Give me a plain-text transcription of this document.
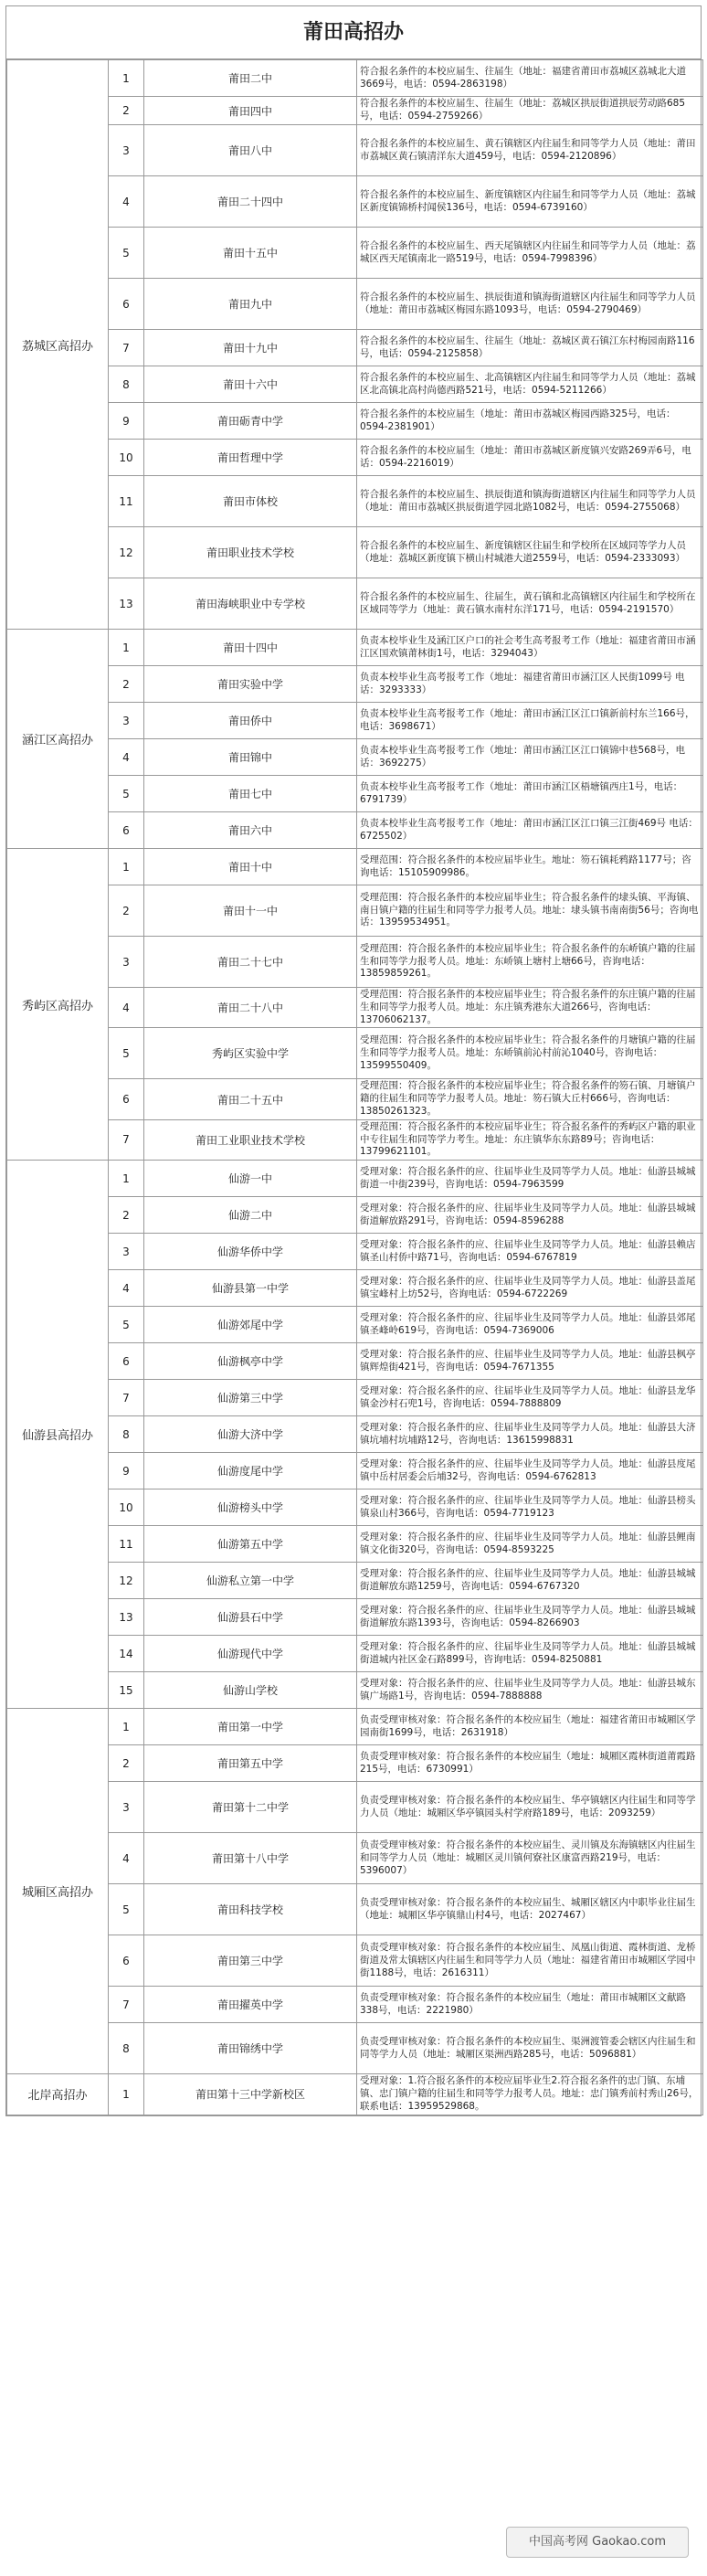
莆田高招办
荔城区高招办	1	莆田二中	符合报名条件的本校应届生、往届生（地址：福建省莆田市荔城区荔城北大道3669号，电话：0594-2863198）
	2	莆田四中	符合报名条件的本校应届生、往届生（地址：荔城区拱辰街道拱辰劳动路685号，电话：0594-2759266）
	3	莆田八中	符合报名条件的本校应届生、黄石镇辖区内往届生和同等学力人员（地址：莆田市荔城区黄石镇清洋东大道459号，电话：0594-2120896）
	4	莆田二十四中	符合报名条件的本校应届生、新度镇辖区内往届生和同等学力人员（地址：荔城区新度镇锦桥村闻侯136号，电话：0594-6739160）
	5	莆田十五中	符合报名条件的本校应届生、西天尾镇辖区内往届生和同等学力人员（地址：荔城区西天尾镇南北一路519号，电话：0594-7998396）
	6	莆田九中	符合报名条件的本校应届生、拱辰街道和镇海街道辖区内往届生和同等学力人员（地址：莆田市荔城区梅园东路1093号，电话：0594-2790469）
	7	莆田十九中	符合报名条件的本校应届生、往届生（地址：荔城区黄石镇江东村梅园南路116号，电话：0594-2125858）
	8	莆田十六中	符合报名条件的本校应届生、北高镇辖区内往届生和同等学力人员（地址：荔城区北高镇北高村尚德西路521号，电话：0594-5211266）
	9	莆田砺青中学	符合报名条件的本校应届生（地址：莆田市荔城区梅园西路325号，电话：0594-2381901）
	10	莆田哲理中学	符合报名条件的本校应届生（地址：莆田市荔城区新度镇兴安路269弄6号，电话：0594-2216019）
	11	莆田市体校	符合报名条件的本校应届生、拱辰街道和镇海街道辖区内往届生和同等学力人员（地址：莆田市荔城区拱辰街道学园北路1082号，电话：0594-2755068）
	12	莆田职业技术学校	符合报名条件的本校应届生、新度镇辖区往届生和学校所在区域同等学力人员（地址：荔城区新度镇下横山村城港大道2559号，电话：0594-2333093）
	13	莆田海峡职业中专学校	符合报名条件的本校应届生、往届生，黄石镇和北高镇辖区内往届生和学校所在区域同等学力（地址：黄石镇水南村东洋171号，电话：0594-2191570）
涵江区高招办	1	莆田十四中	负责本校毕业生及涵江区户口的社会考生高考报考工作（地址：福建省莆田市涵江区国欢镇莆林街1号，电话：3294043）
	2	莆田实验中学	负责本校毕业生高考报考工作（地址：福建省莆田市涵江区人民街1099号 电话：3293333）
	3	莆田侨中	负责本校毕业生高考报考工作（地址：莆田市涵江区江口镇新前村东兰166号，电话：3698671）
	4	莆田锦中	负责本校毕业生高考报考工作（地址：莆田市涵江区江口镇锦中巷568号，电话：3692275）
	5	莆田七中	负责本校毕业生高考报考工作（地址：莆田市涵江区梧塘镇西庄1号，电话：6791739）
	6	莆田六中	负责本校毕业生高考报考工作（地址：莆田市涵江区江口镇三江街469号 电话：6725502）
秀屿区高招办	1	莆田十中	受理范围：符合报名条件的本校应届毕业生。地址：笏石镇耗鸦路1177号；咨询电话：15105909986。
	2	莆田十一中	受理范围：符合报名条件的本校应届毕业生；符合报名条件的埭头镇、平海镇、南日镇户籍的往届生和同等学力报考人员。地址：埭头镇书南南街56号；咨询电话：13959534951。
	3	莆田二十七中	受理范围：符合报名条件的本校应届毕业生；符合报名条件的东峤镇户籍的往届生和同等学力报考人员。地址：东峤镇上塘村上塘66号，咨询电话：13859859261。
	4	莆田二十八中	受理范围：符合报名条件的本校应届毕业生；符合报名条件的东庄镇户籍的往届生和同等学力报考人员。地址：东庄镇秀港东大道266号，咨询电话：13706062137。
	5	秀屿区实验中学	受理范围：符合报名条件的本校应届毕业生；符合报名条件的月塘镇户籍的往届生和同等学力报考人员。地址：东峤镇前沁村前沁1040号，咨询电话：13599550409。
	6	莆田二十五中	受理范围：符合报名条件的本校应届毕业生；符合报名条件的笏石镇、月塘镇户籍的往届生和同等学力报考人员。地址：笏石镇大丘村666号，咨询电话：13850261323。
	7	莆田工业职业技术学校	受理范围：符合报名条件的本校应届毕业生；符合报名条件的秀屿区户籍的职业中专往届生和同等学力考生。地址：东庄镇华东东路89号；咨询电话：13799621101。
仙游县高招办	1	仙游一中	受理对象：符合报名条件的应、往届毕业生及同等学力人员。地址：仙游县城城街道一中街239号，咨询电话：0594-7963599
	2	仙游二中	受理对象：符合报名条件的应、往届毕业生及同等学力人员。地址：仙游县城城街道解放路291号，咨询电话：0594-8596288
	3	仙游华侨中学	受理对象：符合报名条件的应、往届毕业生及同等学力人员。地址：仙游县赖店镇圣山村侨中路71号，咨询电话：0594-6767819
	4	仙游县第一中学	受理对象：符合报名条件的应、往届毕业生及同等学力人员。地址：仙游县盖尾镇宝峰村上坊52号，咨询电话：0594-6722269
	5	仙游郊尾中学	受理对象：符合报名条件的应、往届毕业生及同等学力人员。地址：仙游县郊尾镇圣峰岭619号，咨询电话：0594-7369006
	6	仙游枫亭中学	受理对象：符合报名条件的应、往届毕业生及同等学力人员。地址：仙游县枫亭镇辉煌街421号，咨询电话：0594-7671355
	7	仙游第三中学	受理对象：符合报名条件的应、往届毕业生及同等学力人员。地址：仙游县龙华镇金沙村石兜1号，咨询电话：0594-7888809
	8	仙游大济中学	受理对象：符合报名条件的应、往届毕业生及同等学力人员。地址：仙游县大济镇坑埔村坑埔路12号，咨询电话：13615998831
	9	仙游度尾中学	受理对象：符合报名条件的应、往届毕业生及同等学力人员。地址：仙游县度尾镇中岳村居委会后埔32号，咨询电话：0594-6762813
	10	仙游榜头中学	受理对象：符合报名条件的应、往届毕业生及同等学力人员。地址：仙游县榜头镇泉山村366号，咨询电话：0594-7719123
	11	仙游第五中学	受理对象：符合报名条件的应、往届毕业生及同等学力人员。地址：仙游县鲤南镇文化街320号，咨询电话：0594-8593225
	12	仙游私立第一中学	受理对象：符合报名条件的应、往届毕业生及同等学力人员。地址：仙游县城城街道解放东路1259号，咨询电话：0594-6767320
	13	仙游县石中学	受理对象：符合报名条件的应、往届毕业生及同等学力人员。地址：仙游县城城街道解放东路1393号，咨询电话：0594-8266903
	14	仙游现代中学	受理对象：符合报名条件的应、往届毕业生及同等学力人员。地址：仙游县城城街道城内社区金石路899号，咨询电话：0594-8250881
	15	仙游山学校	受理对象：符合报名条件的应、往届毕业生及同等学力人员。地址：仙游县城东镇广场路1号，咨询电话：0594-7888888
城厢区高招办	1	莆田第一中学	负责受理审核对象：符合报名条件的本校应届生（地址：福建省莆田市城厢区学园南街1699号，电话：2631918）
	2	莆田第五中学	负责受理审核对象：符合报名条件的本校应届生（地址：城厢区霞林街道莆霞路215号，电话：6730991）
	3	莆田第十二中学	负责受理审核对象：符合报名条件的本校应届生、华亭镇辖区内往届生和同等学力人员（地址：城厢区华亭镇园头村学府路189号，电话：2093259）
	4	莆田第十八中学	负责受理审核对象：符合报名条件的本校应届生、灵川镇及东海镇辖区内往届生和同等学力人员（地址：城厢区灵川镇何寮社区康富西路219号，电话：5396007）
	5	莆田科技学校	负责受理审核对象：符合报名条件的本校应届生、城厢区辖区内中职毕业往届生（地址：城厢区华亭镇鼎山村4号，电话：2027467）
	6	莆田第三中学	负责受理审核对象：符合报名条件的本校应届生、凤凰山街道、霞林街道、龙桥街道及常太镇辖区内往届生和同等学力人员（地址：福建省莆田市城厢区学园中街1188号，电话：2616311）
	7	莆田擢英中学	负责受理审核对象：符合报名条件的本校应届生（地址：莆田市城厢区文献路338号，电话：2221980）
	8	莆田锦绣中学	负责受理审核对象：符合报名条件的本校应届生、渠洲渡管委会辖区内往届生和同等学力人员（地址：城厢区渠洲西路285号，电话：5096881）
北岸高招办	1	莆田第十三中学新校区	受理对象：1.符合报名条件的本校应届毕业生2.符合报名条件的忠门镇、东埔镇、忠门镇户籍的往届生和同等学力报考人员。地址：忠门镇秀前村秀山26号，联系电话：13959529868。
中国高考网 Gaokao.com
